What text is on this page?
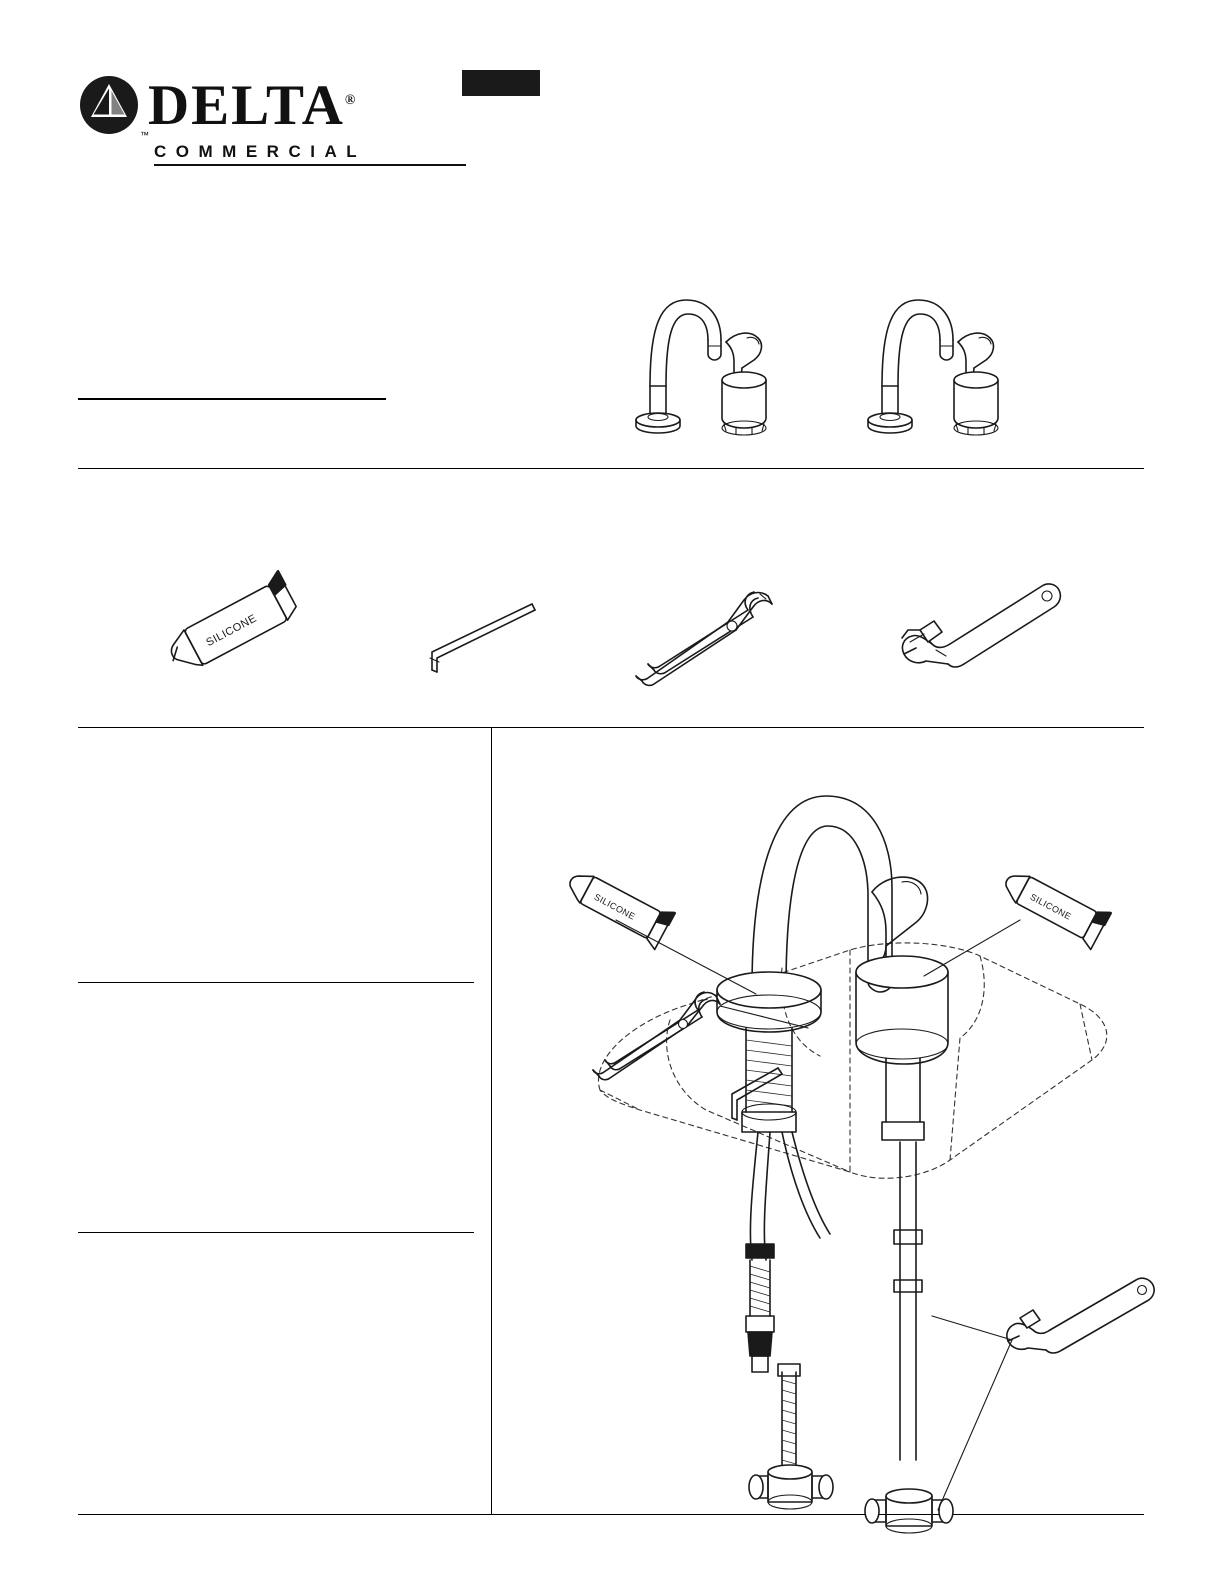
DELTA®
™
COMMERCIAL
SILICONE
SILICONE	SILICONE
